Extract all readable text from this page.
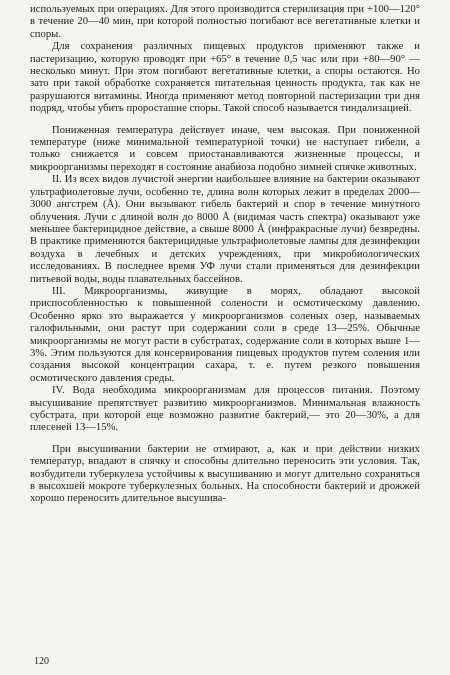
используемых при операциях. Для этого производится стерилизация при +100—120° в течение 20—40 мин, при которой полностью погибают все вегетативные клетки и споры.

Для сохранения различных пищевых продуктов применяют также и пастеризацию, которую проводят при +65° в течение 0,5 час или при +80—90° — несколько минут. При этом погибают вегетативные клетки, а споры остаются. Но зато при такой обработке сохраняется питательная ценность продукта, так как не разрушаются витамины. Иногда применяют метод повторной пастеризации три дня подряд, чтобы убить проросташие споры. Такой способ называется тиндализацией.

Пониженная температура действует иначе, чем высокая. При пониженной температуре (ниже минимальной температурной точки) не наступает гибели, а только снижается и совсем приостанавливаются жизненные процессы, и микроорганизмы переходят в состояние анабиоза подобно зимней спячке животных.

II. Из всех видов лучистой энергии наибольшее влияние на бактерии оказывают ультрафиолетовые лучи, особенно те, длина волн которых лежит в пределах 2000—3000 ангстрем (Å). Они вызывают гибель бактерий и спор в течение минутного облучения. Лучи с длиной волн до 8000 Å (видимая часть спектра) оказывают уже меньшее бактерицидное действие, а свыше 8000 Å (инфракрасные лучи) безвредны. В практике применяются бактерицидные ультрафиолетовые лампы для дезинфекции воздуха в лечебных и детских учреждениях, при микробиологических исследованиях. В последнее время УФ лучи стали применяться для дезинфекции питьевой воды, воды плавательных бассейнов.

III. Микроорганизмы, живущие в морях, обладают высокой приспособленностью к повышенной солености и осмотическому давлению. Особенно ярко это выражается у микроорганизмов соленых озер, называемых галофильными, они растут при содержании соли в среде 13—25%. Обычные микроорганизмы не могут расти в субстратах, содержание соли в которых выше 1—3%. Этим пользуются для консервирования пищевых продуктов путем соления или создания высокой концентрации сахара, т. е. путем резкого повышения осмотического давления среды.

IV. Вода необходима микроорганизмам для процессов питания. Поэтому высушивание препятствует развитию микроорганизмов. Минимальная влажность субстрата, при которой еще возможно развитие бактерий,— это 20—30%, а для плесеней 13—15%.

При высушивании бактерии не отмирают, а, как и при действии низких температур, впадают в спячку и способны длительно переносить эти условия. Так, возбудители туберкулеза устойчивы к высушиванию и могут длительно сохраняться в высохшей мокроте туберкулезных больных. На способности бактерий и дрожжей хорошо переносить длительное высушива-

120
